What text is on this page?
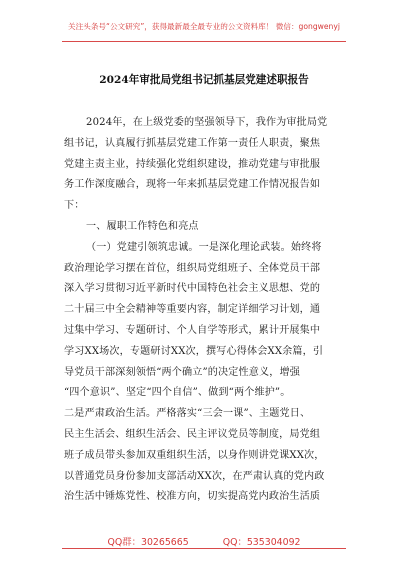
关注头条号“公文研究”，获得最新最全最专业的公文资料库！ 微信：gongwenyj
2024年审批局党组书记抓基层党建述职报告
2024年，在上级党委的坚强领导下，我作为审批局党
组书记，认真履行抓基层党建工作第一责任人职责，聚焦
党建主责主业，持续强化党组织建设，推动党建与审批服
务工作深度融合，现将一年来抓基层党建工作情况报告如
下：
一、履职工作特色和亮点
（一）党建引领筑忠诚。一是深化理论武装。始终将
政治理论学习摆在首位，组织局党组班子、全体党员干部
深入学习贯彻习近平新时代中国特色社会主义思想、党的
二十届三中全会精神等重要内容，制定详细学习计划，通
过集中学习、专题研讨、个人自学等形式，累计开展集中
学习XX场次，专题研讨XX次，撰写心得体会XX余篇，引
导党员干部深刻领悟“两个确立”的决定性意义，增强
“四个意识”、坚定“四个自信”、做到“两个维护”。
二是严肃政治生活。严格落实“三会一课”、主题党日、
民主生活会、组织生活会、民主评议党员等制度，局党组
班子成员带头参加双重组织生活，以身作则讲党课XX次，
以普通党员身份参加支部活动XX次，在严肃认真的党内政
治生活中锤炼党性、校准方向，切实提高党内政治生活质
QQ群：30265665	QQ：535304092
